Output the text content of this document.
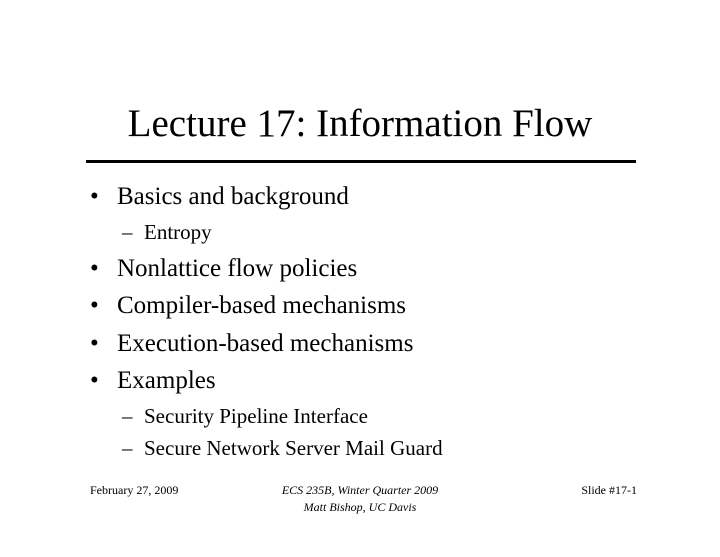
Lecture 17: Information Flow
• Basics and background
– Entropy
• Nonlattice flow policies
• Compiler-based mechanisms
• Execution-based mechanisms
• Examples
– Security Pipeline Interface
– Secure Network Server Mail Guard
February 27, 2009	ECS 235B, Winter Quarter 2009
Matt Bishop, UC Davis
Slide #17-1
